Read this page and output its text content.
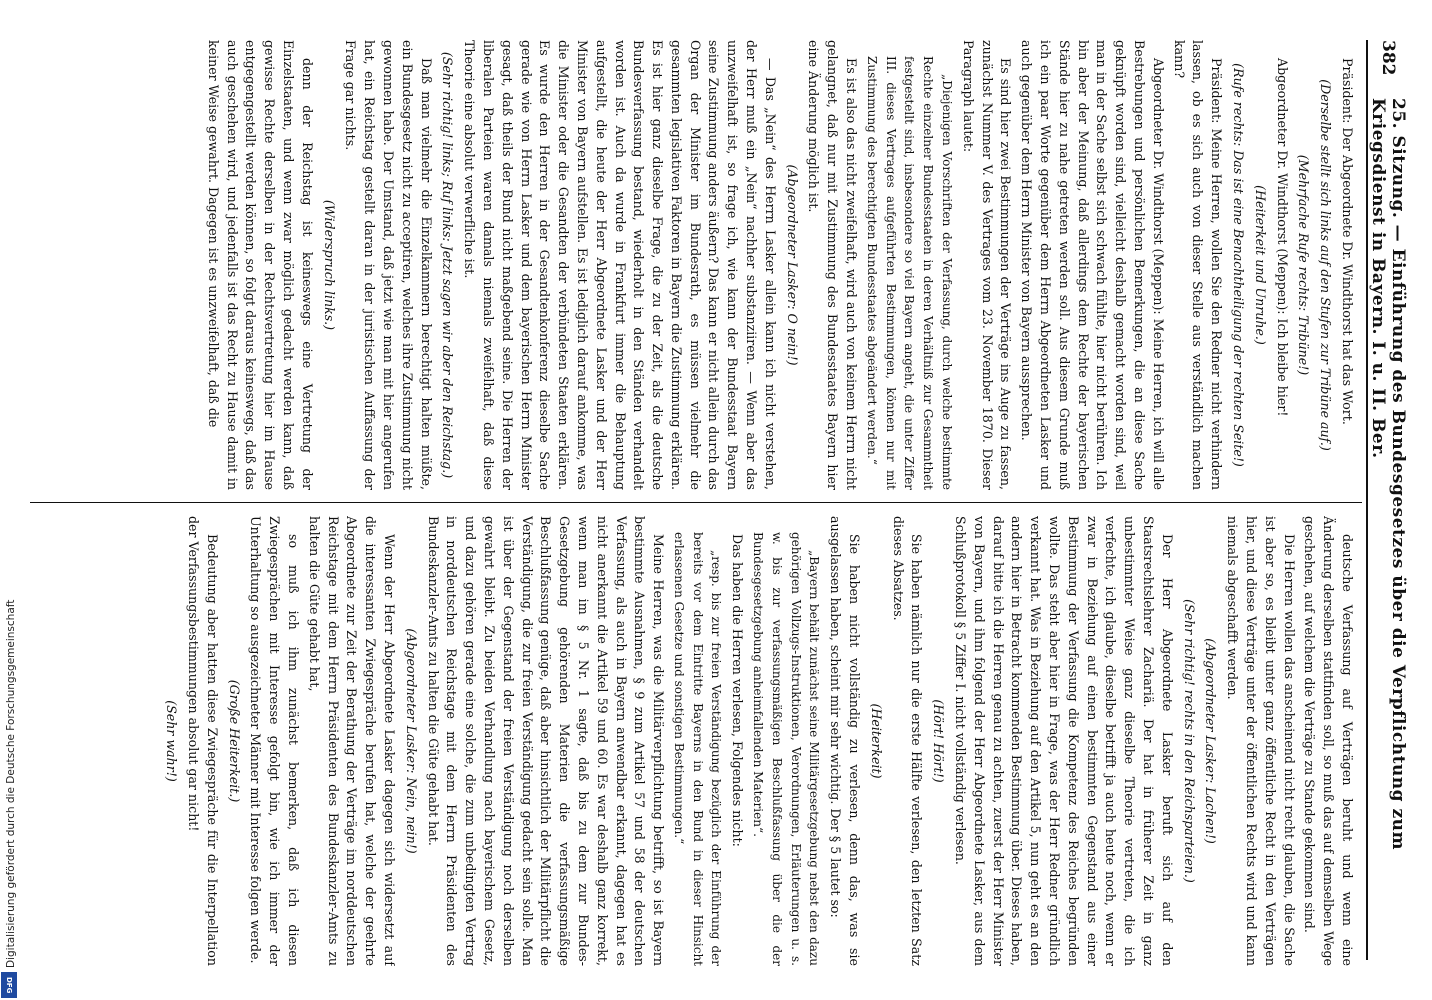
382
25. Sitzung. — Einführung des Bundesgesetzes über die Verpflichtung zum Kriegsdienst in Bayern. I. u. II. Ber.

Präsident: Der Abgeordnete Dr. Windthorst hat das Wort.

(Derselbe stellt sich links auf den Stufen zur Tribüne auf.)

(Mehrfache Rufe rechts: Tribüne!)

Abgeordneter Dr. Windthorst (Meppen): Ich bleibe hier!

(Heiterkeit und Unruhe.)

(Rufe rechts: Das ist eine Benachtheiligung der rechten Seite!)

Präsident: Meine Herren, wollen Sie den Redner nicht verhindern lassen, ob es sich auch von dieser Stelle aus verständlich machen kann?

Abgeordneter Dr. Windthorst (Meppen): Meine Herren, ich will alle Bestrebungen und persönlichen Bemerkungen, die an diese Sache geknüpft worden sind, vielleicht deshalb gemacht worden sind, weil man in der Sache selbst sich schwach fühlte, hier nicht berühren. Ich bin aber der Meinung, daß allerdings dem Rechte der bayerischen Stände hier zu nahe getreten werden soll. Aus diesem Grunde muß ich ein paar Worte gegenüber dem Herrn Abgeordneten Lasker und auch gegenüber dem Herrn Minister von Bayern aussprechen.

Es sind hier zwei Bestimmungen der Verträge ins Auge zu fassen, zunächst Nummer V. des Vertrages vom 23. November 1870. Dieser Paragraph lautet:

„Diejenigen Vorschriften der Verfassung, durch welche bestimmte Rechte einzelner Bundesstaaten in deren Verhältniß zur Gesammtheit festgestellt sind, insbesondere so viel Bayern angeht, die unter Ziffer III. dieses Vertrages aufgeführten Bestimmungen, können nur mit Zustimmung des berechtigten Bundesstaates abgeändert werden.“

Es ist also das nicht zweifelhaft, wird auch von keinem Herrn nicht gelangnet, daß nur mit Zustimmung des Bundesstaates Bayern hier eine Änderung möglich ist.

(Abgeordneter Lasker: O nein!)

— Das „Nein“ des Herrn Lasker allein kann ich nicht verstehen, der Herr muß ein „Nein“ nachher substanziiren. — Wenn aber das unzweifelhaft ist, so frage ich, wie kann der Bundesstaat Bayern seine Zustimmung anders äußern? Das kann er nicht allein durch das Organ der Minister im Bundesrath, es müssen vielmehr die gesammten legislativen Faktoren in Bayern die Zustimmung erklären. Es ist hier ganz dieselbe Frage, die zu der Zeit, als die deutsche Bundesverfassung bestand, wiederholt in den Ständen verhandelt worden ist. Auch da wurde in Frankfurt immer die Behauptung aufgestellt, die heute der Herr Abgeordnete Lasker und der Herr Minister von Bayern aufstellen. Es ist lediglich darauf ankomme, was die Minister oder die Gesandten der verbündeten Staaten erklären. Es wurde den Herren in der Gesandtenkonferenz dieselbe Sache gerade wie von Herrn Lasker und dem bayerischen Herrn Minister gesagt, daß theils der Bund nicht maßgebend seine. Die Herren der liberalen Parteien waren damals niemals zweifelhaft, daß diese Theorie eine absolut verwerfliche ist.

(Sehr richtig! links; Ruf links: Jetzt sagen wir aber den Reichstag.)

Daß man vielmehr die Einzelkammern berechtigt halten müßte, ein Bundesgesetz nicht zu acceptiren, welches ihre Zustimmung nicht gewonnen habe. Der Umstand, daß jetzt wie man mit hier angerufen hat, ein Reichstag gestellt daran in der juristischen Auffassung der Frage gar nichts.

(Widerspruch links.)

denn der Reichstag ist keineswegs eine Vertretung der Einzelstaaten, und wenn zwar möglich gedacht werden kann, daß gewisse Rechte derselben in der Rechtsvertretung hier im Hause entgegengestellt werden können, so folgt daraus keineswegs, daß das auch geschehen wird, und jedenfalls ist das Recht zu Hause damit in keiner Weise gewahrt. Dagegen ist es unzweifelhaft, daß die

deutsche Verfassung auf Verträgen beruht und wenn eine Änderung derselben stattfinden soll, so muß das auf demselben Wege geschehen, auf welchem die Verträge zu Stande gekommen sind.

Die Herren wollen das anscheinend nicht recht glauben, die Sache ist aber so, es bleibt unter ganz öffentliche Recht in den Verträgen hier, und diese Verträge unter der öffentlichen Rechts wird und kann niemals abgeschafft werden.

(Abgeordneter Lasker: Lachen!)

(Sehr richtig! rechts in den Reichsparteien.)

Der Herr Abgeordnete Lasker beruft sich auf den Staatsrechtslehrer Zachariä. Der hat in früherer Zeit in ganz unbestimmter Weise ganz dieselbe Theorie vertreten, die ich verfechte, ich glaube, dieselbe betrifft ja auch heute noch, wenn er zwar in Beziehung auf einen bestimmten Gegenstand aus einer Bestimmung der Verfassung die Kompetenz des Reiches begründen wollte. Das steht aber hier in Frage, was der Herr Redner gründlich verkannt hat. Was in Beziehung auf den Artikel 5, nun geht es an den andern hier in Betracht kommenden Bestimmung über. Dieses haben, darauf bitte ich die Herren genau zu achten, zuerst der Herr Minister von Bayern, und ihm folgend der Herr Abgeordnete Lasker, aus dem Schlußprotokoll § 5 Ziffer I. nicht vollständig verlesen.

(Hört! Hört!)

Sie haben nämlich nur die erste Hälfte verlesen, den letzten Satz dieses Absatzes.

(Heiterkeit)

Sie haben nicht vollständig zu verlesen, denn das, was sie ausgelassen haben, scheint mir sehr wichtig. Der § 5 lautet so:

„Bayern behält zunächst seine Militärgesetzgebung nebst den dazu gehörigen Vollzugs-Instruktionen, Verordnungen, Erläuterungen u. s. w. bis zur verfassungsmäßigen Beschlußfassung über die der Bundesgesetzgebung anheimfallenden Materien“.

Das haben die Herren verlesen, Folgendes nicht:

„resp. bis zur freien Verständigung bezüglich der Einführung der bereits vor dem Eintritte Bayerns in den Bund in dieser Hinsicht erlassenen Gesetze und sonstigen Bestimmungen.“

Meine Herren, was die Militärverpflichtung betrifft, so ist Bayern bestimmte Ausnahmen, § 9 zum Artikel 57 und 58 der deutschen Verfassung, als auch in Bayern anwendbar erkannt, dagegen hat es nicht anerkannt die Artikel 59 und 60. Es war deshalb ganz korrekt, wenn man im § 5 Nr. 1 sagte, daß bis zu dem zur Bundes-Gesetzgebung gehörenden Materien die verfassungsmäßige Beschlußfassung genüge, daß aber hinsichtlich der Militärpflicht die Verständigung, die zur freien Verständigung gedacht sein solle. Man ist über der Gegenstand der freien Verständigung noch derselben gewahrt bleibt. Zu beiden Verhandlung nach bayerischem Gesetz, und dazu gehören gerade eine solche, die zum unbedingten Vertrag in norddeutschen Reichstage mit dem Herrn Präsidenten des Bundeskanzler-Amts zu halten die Güte gehabt hat.

(Abgeordneter Lasker: Nein, nein!)

Wenn der Herr Abgeordnete Lasker dagegen sich widersetzt auf die interessanten Zwiegespräche berufen hat, welche der geehrte Abgeordnete zur Zeit der Berathung der Verträge im norddeutschen Reichstage mit dem Herrn Präsidenten des Bundeskanzler-Amts zu halten die Güte gehabt hat,

so muß ich ihm zunächst bemerken, daß ich diesen Zwiegesprächen mit Interesse gefolgt bin, wie ich immer der Unterhaltung so ausgezeichneter Männer mit Interesse folgen werde.

(Große Heiterkeit.)

Bedeutung aber hatten diese Zwiegespräche für die Interpellation der Verfassungsbestimmungen absolut gar nicht!

(Sehr wahr!)

Digitalisierung gefördert durch die Deutsche Forschungsgemeinschaft
DFG
